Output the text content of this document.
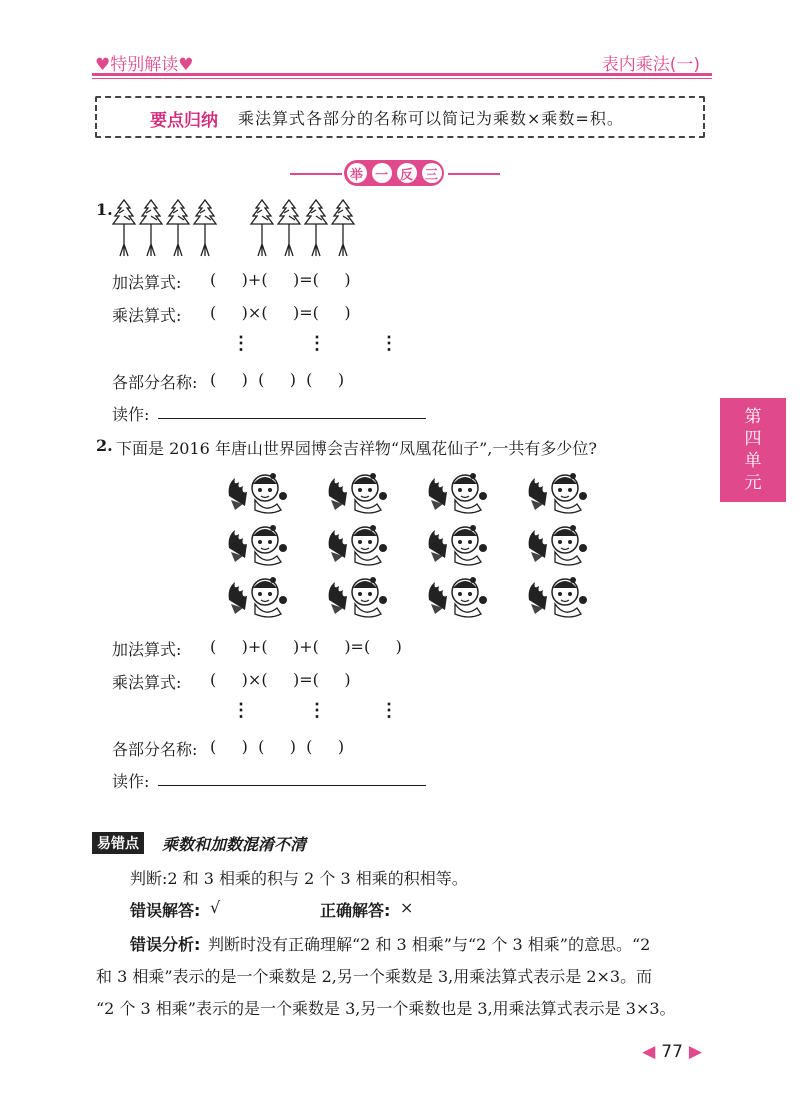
♥特别解读♥	表内乘法(一)
要点归纳 乘法算式各部分的名称可以简记为乘数×乘数=积。
举 一 反 三
1.
加法算式: (     )+(     )=(     )
乘法算式: (     )×(     )=(     )
⋮	⋮	⋮
各部分名称: (     )  (     )  (     )
读作:	第
四
单
元
2. 下面是 2016 年唐山世界园博会吉祥物“凤凰花仙子”,一共有多少位?
加法算式: (     )+(     )+(     )=(     )
乘法算式: (     )×(     )=(     )
⋮	⋮	⋮
各部分名称: (     )  (     )  (     )
读作:
易错点	乘数和加数混淆不清
判断:2 和 3 相乘的积与 2 个 3 相乘的积相等。
错误解答: √	正确解答: ×
错误分析: 判断时没有正确理解“2 和 3 相乘”与“2 个 3 相乘”的意思。“2
和 3 相乘”表示的是一个乘数是 2,另一个乘数是 3,用乘法算式表示是 2×3。而
“2 个 3 相乘”表示的是一个乘数是 3,另一个乘数也是 3,用乘法算式表示是 3×3。
◀ 77 ▶
